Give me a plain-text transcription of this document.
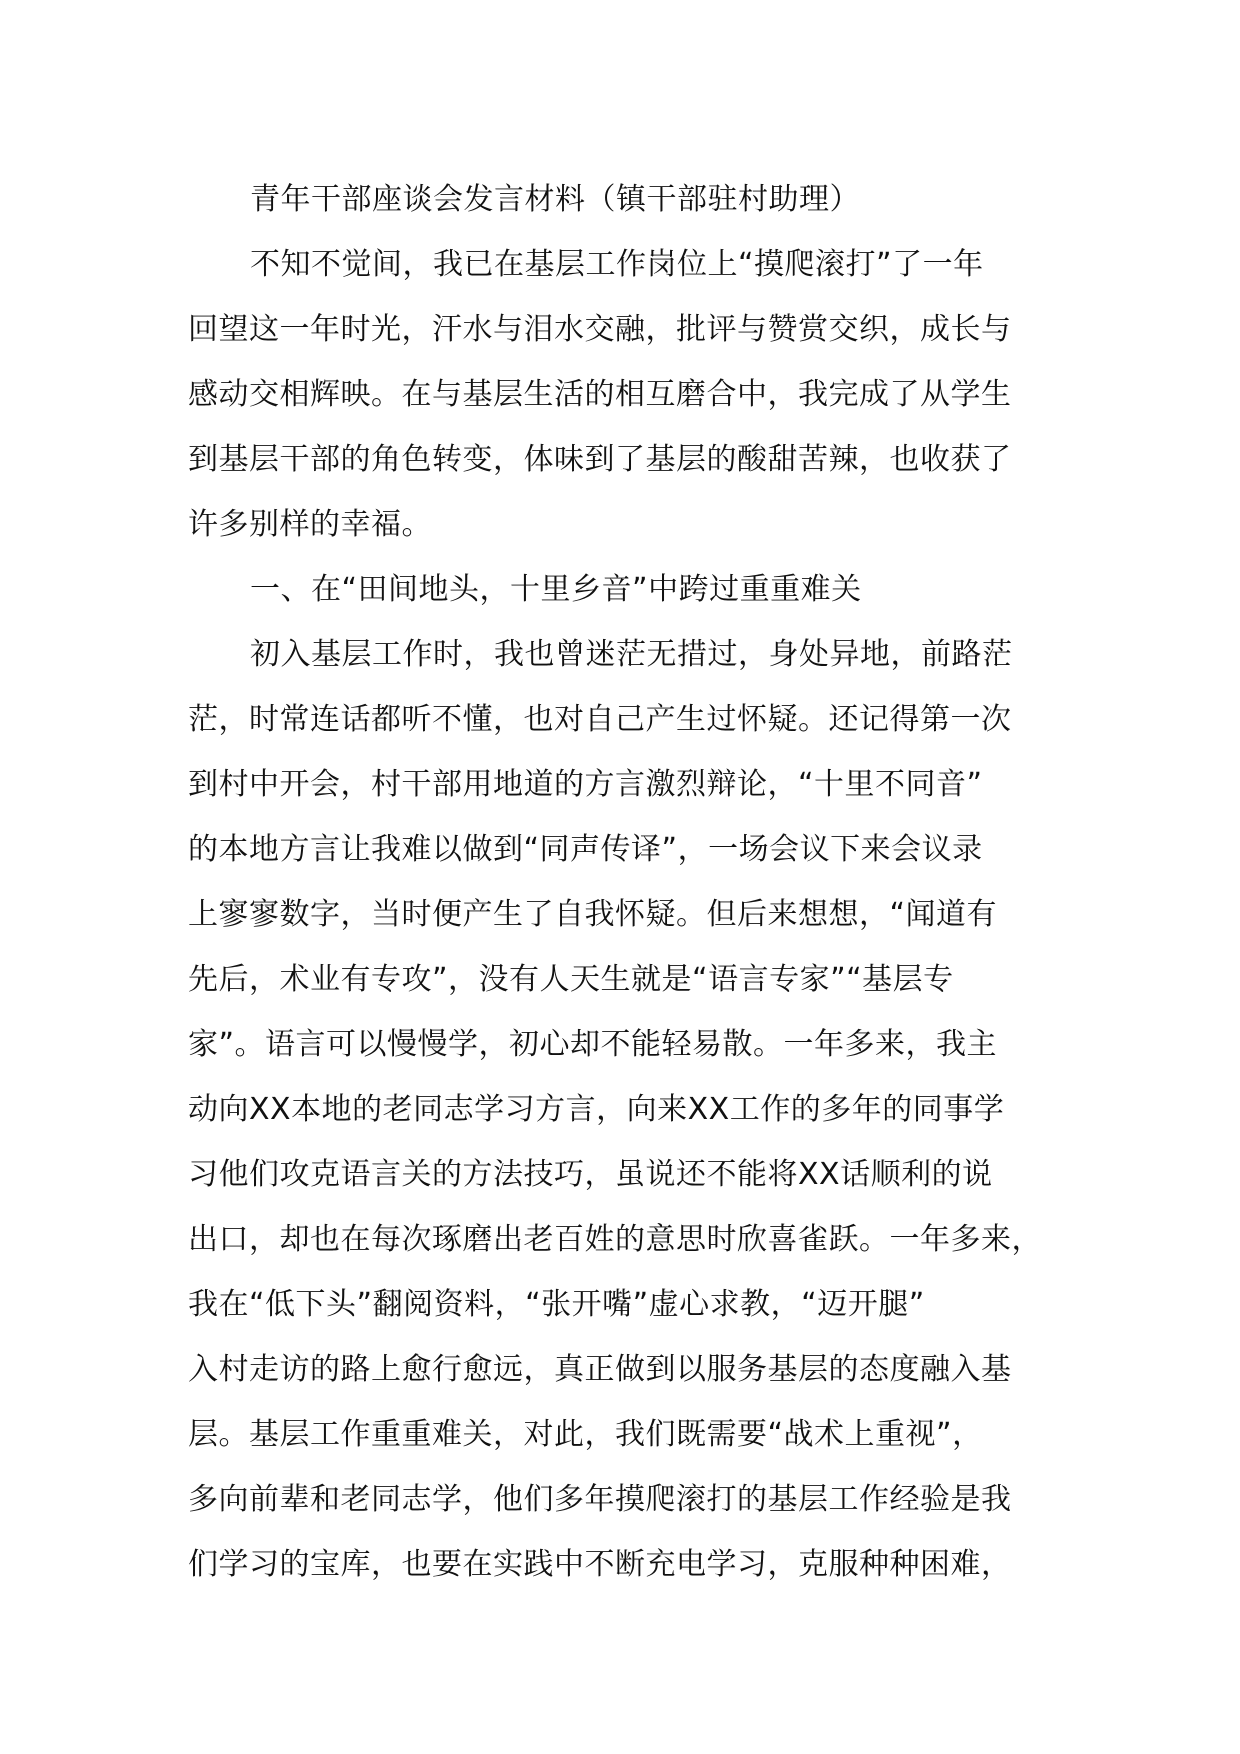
青年干部座谈会发言材料（镇干部驻村助理）
不知不觉间，我已在基层工作岗位上“摸爬滚打”了一年
回望这一年时光，汗水与泪水交融，批评与赞赏交织，成长与
感动交相辉映。在与基层生活的相互磨合中，我完成了从学生
到基层干部的角色转变，体味到了基层的酸甜苦辣，也收获了
许多别样的幸福。
一、在“田间地头，十里乡音”中跨过重重难关
初入基层工作时，我也曾迷茫无措过，身处异地，前路茫
茫，时常连话都听不懂，也对自己产生过怀疑。还记得第一次
到村中开会，村干部用地道的方言激烈辩论，“十里不同音”
的本地方言让我难以做到“同声传译”，一场会议下来会议录
上寥寥数字，当时便产生了自我怀疑。但后来想想，“闻道有
先后，术业有专攻”，没有人天生就是“语言专家”“基层专
家”。语言可以慢慢学，初心却不能轻易散。一年多来，我主
动向XX本地的老同志学习方言，向来XX工作的多年的同事学
习他们攻克语言关的方法技巧，虽说还不能将XX话顺利的说
出口，却也在每次琢磨出老百姓的意思时欣喜雀跃。一年多来，
我在“低下头”翻阅资料，“张开嘴”虚心求教，“迈开腿”
入村走访的路上愈行愈远，真正做到以服务基层的态度融入基
层。基层工作重重难关，对此，我们既需要“战术上重视”，
多向前辈和老同志学，他们多年摸爬滚打的基层工作经验是我
们学习的宝库，也要在实践中不断充电学习，克服种种困难，
